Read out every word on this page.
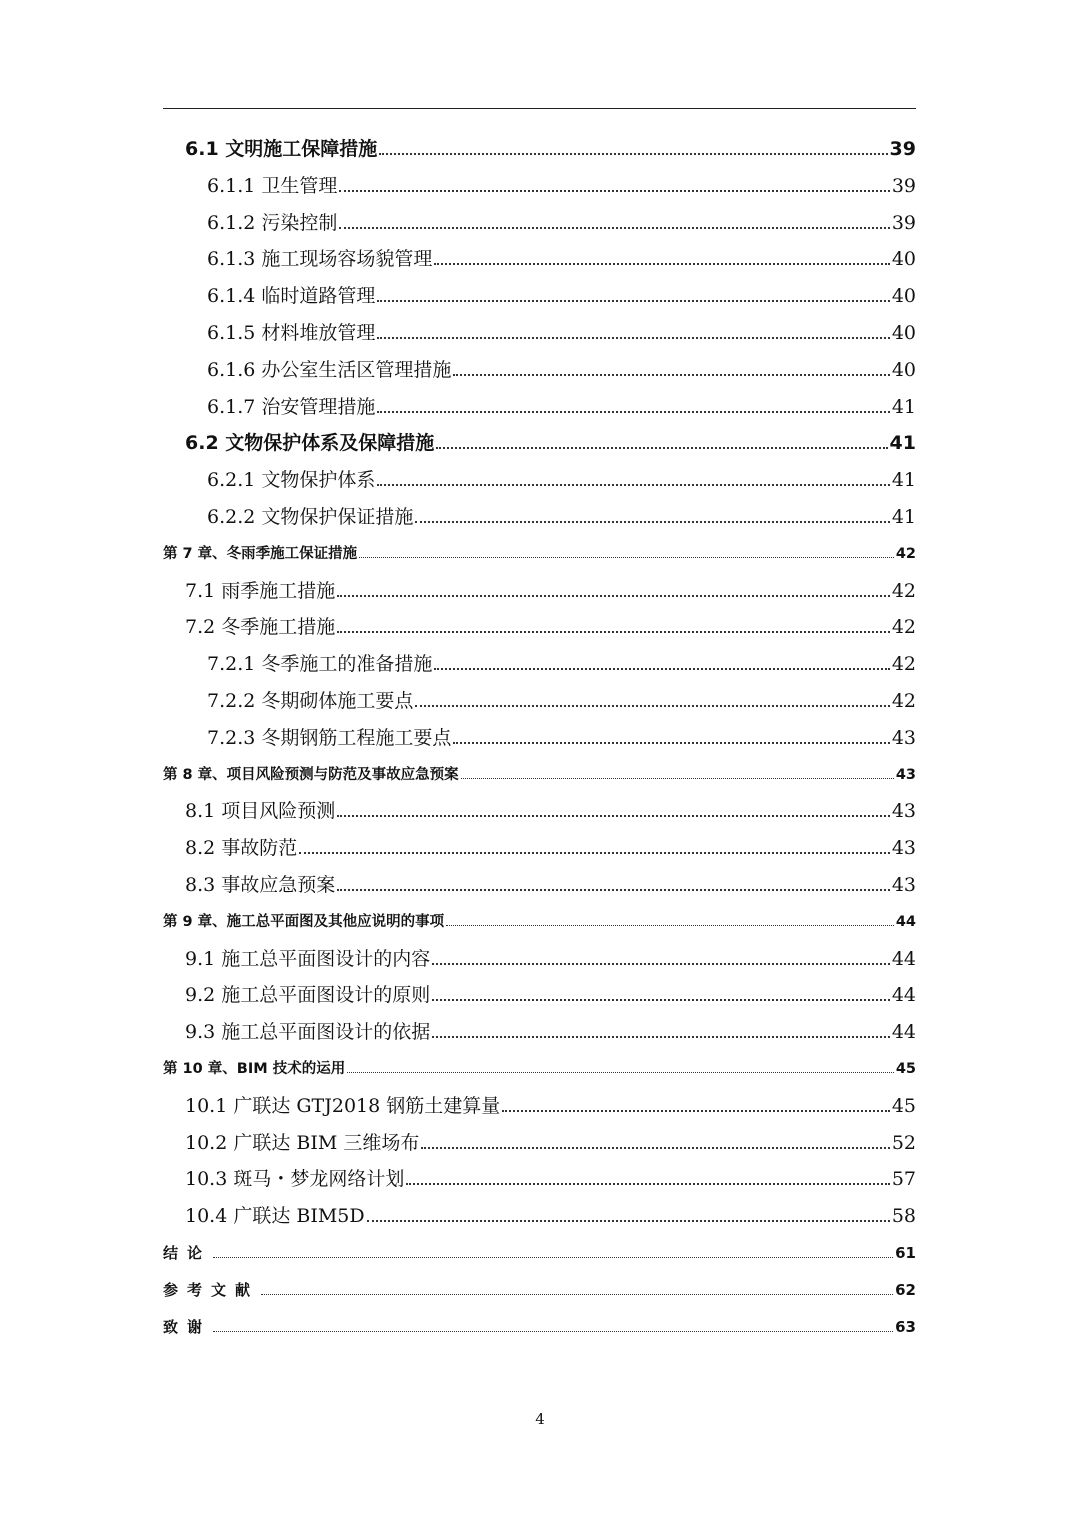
6.1 文明施工保障措施	39
6.1.1 卫生管理	39
6.1.2 污染控制	39
6.1.3 施工现场容场貌管理	40
6.1.4 临时道路管理	40
6.1.5 材料堆放管理	40
6.1.6 办公室生活区管理措施	40
6.1.7 治安管理措施	41
6.2 文物保护体系及保障措施	41
6.2.1 文物保护体系	41
6.2.2 文物保护保证措施	41
第 7 章、冬雨季施工保证措施	42
7.1 雨季施工措施	42
7.2 冬季施工措施	42
7.2.1 冬季施工的准备措施	42
7.2.2 冬期砌体施工要点	42
7.2.3 冬期钢筋工程施工要点	43
第 8 章、项目风险预测与防范及事故应急预案	43
8.1 项目风险预测	43
8.2 事故防范	43
8.3 事故应急预案	43
第 9 章、施工总平面图及其他应说明的事项	44
9.1 施工总平面图设计的内容	44
9.2 施工总平面图设计的原则	44
9.3 施工总平面图设计的依据	44
第 10 章、BIM 技术的运用	45
10.1 广联达 GTJ2018 钢筋土建算量	45
10.2 广联达 BIM 三维场布	52
10.3 斑马・梦龙网络计划	57
10.4 广联达 BIM5D	58
结论	61
参考文献	62
致谢	63
4
